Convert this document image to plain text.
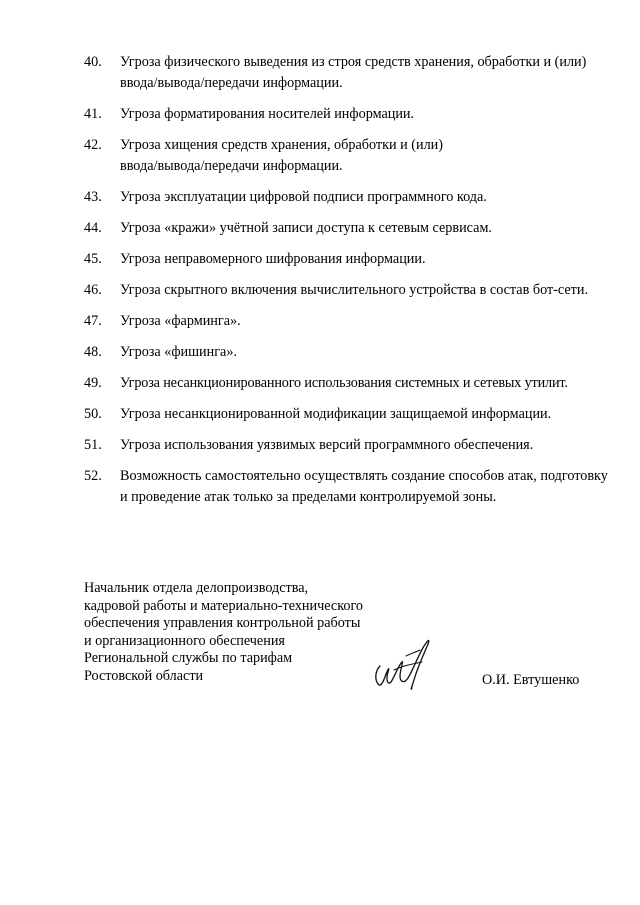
40.	Угроза физического выведения из строя средств хранения, обработки и (или) ввода/вывода/передачи информации.
41.	Угроза форматирования носителей информации.
42.	Угроза хищения средств хранения, обработки и (или) ввода/вывода/передачи информации.
43.	Угроза эксплуатации цифровой подписи программного кода.
44.	Угроза «кражи» учётной записи доступа к сетевым сервисам.
45.	Угроза неправомерного шифрования информации.
46.	Угроза скрытного включения вычислительного устройства в состав бот-сети.
47.	Угроза «фарминга».
48.	Угроза «фишинга».
49.	Угроза несанкционированного использования системных и сетевых утилит.
50.	Угроза несанкционированной модификации защищаемой информации.
51.	Угроза использования уязвимых версий программного обеспечения.
52.	Возможность самостоятельно осуществлять создание способов атак, подготовку и проведение атак только за пределами контролируемой зоны.
Начальник отдела делопроизводства,
кадровой работы и материально-технического
обеспечения управления контрольной работы
и организационного обеспечения
Региональной службы по тарифам
Ростовской области	О.И. Евтушенко
